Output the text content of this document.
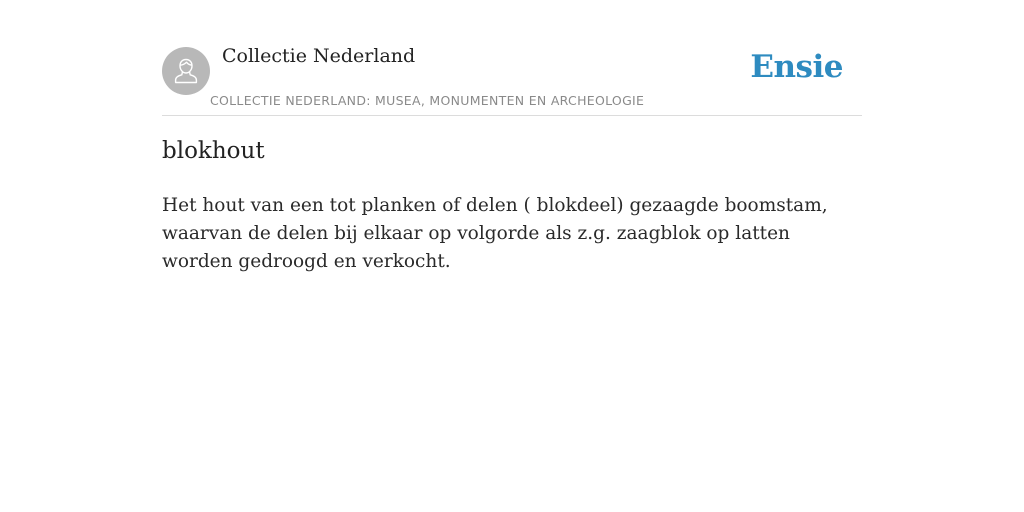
Collectie Nederland
COLLECTIE NEDERLAND: MUSEA, MONUMENTEN EN ARCHEOLOGIE
Ensie
blokhout

Het hout van een tot planken of delen ( blokdeel) gezaagde boomstam, waarvan de delen bij elkaar op volgorde als z.g. zaagblok op latten worden gedroogd en verkocht.
